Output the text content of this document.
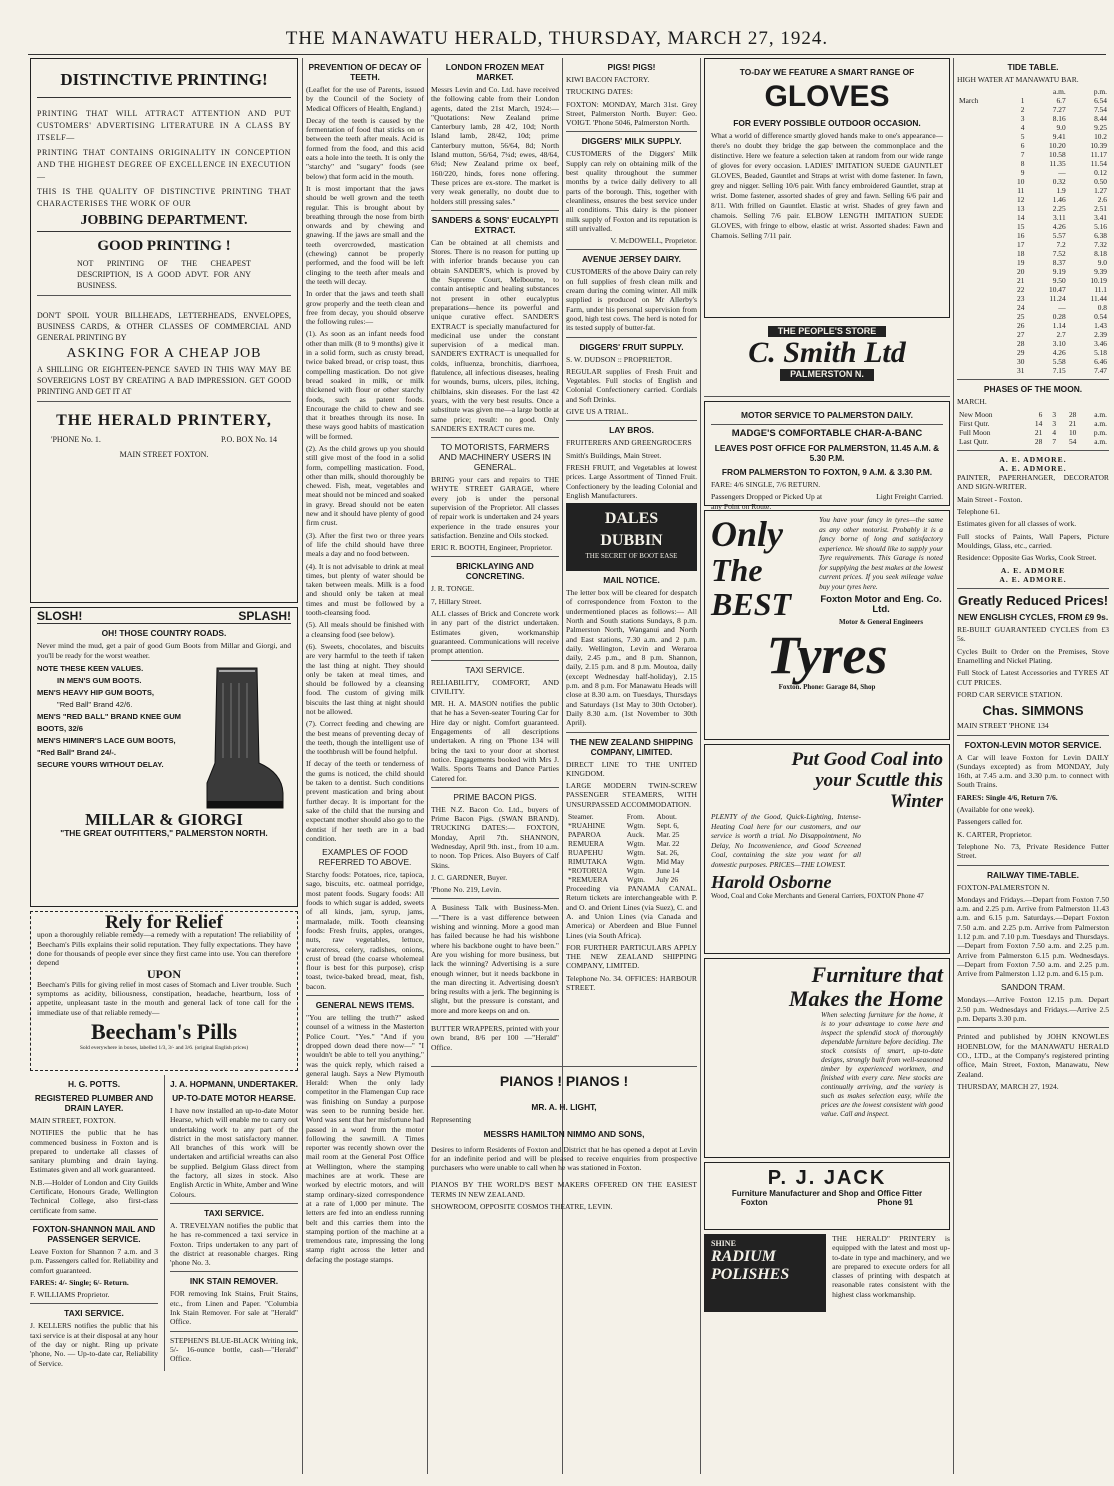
THE MANAWATU HERALD, THURSDAY, MARCH 27, 1924.
DISTINCTIVE PRINTING!

PRINTING THAT WILL ATTRACT ATTENTION AND PUT CUSTOMERS' ADVERTISING LITERATURE IN A CLASS BY ITSELF—

PRINTING THAT CONTAINS ORIGINALITY IN CONCEPTION AND THE HIGHEST DEGREE OF EXCELLENCE IN EXECUTION—

THIS IS THE QUALITY OF DISTINCTIVE PRINTING THAT CHARACTERISES THE WORK OF OUR

JOBBING DEPARTMENT.
GOOD PRINTING !

NOT PRINTING OF THE CHEAPEST DESCRIPTION, IS A GOOD ADVT. FOR ANY BUSINESS.

DON'T SPOIL YOUR BILLHEADS, LETTERHEADS, ENVELOPES, BUSINESS CARDS, & OTHER CLASSES OF COMMERCIAL AND GENERAL PRINTING BY

ASKING FOR A CHEAP JOB

A SHILLING OR EIGHTEEN-PENCE SAVED IN THIS WAY MAY BE SOVEREIGNS LOST BY CREATING A BAD IMPRESSION. GET GOOD PRINTING AND GET IT AT

THE HERALD PRINTERY,
'PHONE No. 1.	P.O. BOX No. 14
MAIN STREET FOXTON.
SLOSH!	SPLASH!
OH! THOSE COUNTRY ROADS.

Never mind the mud, get a pair of good Gum Boots from Millar and Giorgi, and you'll be ready for the worst weather.

NOTE THESE KEEN VALUES.
IN MEN'S GUM BOOTS.
MEN'S HEAVY HIP GUM BOOTS,
"Red Ball" Brand 42/6.
MEN'S "RED BALL" BRAND KNEE GUM BOOTS, 32/6
MEN'S HIMINER'S LACE GUM BOOTS, "Red Ball" Brand 24/-.
SECURE YOURS WITHOUT DELAY.
MILLAR & GIORGI
"THE GREAT OUTFITTERS," PALMERSTON NORTH.
Rely for Relief

upon a thoroughly reliable remedy—a remedy with a reputation! The reliability of Beecham's Pills explains their solid reputation. They fully expectations. They have done for thousands of people ever since they first came into use. You can therefore depend

UPON

Beecham's Pills for giving relief in most cases of Stomach and Liver trouble. Such symptoms as acidity, biliousness, constipation, headache, heartburn, loss of appetite, unpleasant taste in the mouth and general lack of tone call for the immediate use of that reliable remedy—

Beecham's Pills
Sold everywhere in boxes, labelled 1/3, 3/- and 3/6. (original English prices)
H. G. POTTS.
REGISTERED PLUMBER AND DRAIN LAYER.

MAIN STREET, FOXTON.

NOTIFIES the public that he has commenced business in Foxton and is prepared to undertake all classes of sanitary plumbing and drain laying. Estimates given and all work guaranteed.

N.B.—Holder of London and City Guilds Certificate, Honours Grade, Wellington Technical College, also first-class certificate from same.

FOXTON-SHANNON MAIL AND PASSENGER SERVICE.

Leave Foxton for Shannon 7 a.m. and 3 p.m. Passengers called for. Reliability and comfort guaranteed.

FARES: 4/- Single; 6/- Return.

F. WILLIAMS Proprietor.

TAXI SERVICE.

J. KELLERS notifies the public that his taxi service is at their disposal at any hour of the day or night. Ring up private 'phone, No. — Up-to-date car, Reliability of Service.

J. A. HOPMANN, UNDERTAKER.
UP-TO-DATE MOTOR HEARSE.

I have now installed an up-to-date Motor Hearse, which will enable me to carry out undertaking work to any part of the district in the most satisfactory manner. All branches of this work will be undertaken and artificial wreaths can also be supplied. Belgium Glass direct from the factory, all sizes in stock. Also English Arctic in White, Amber and Wine Colours.

TAXI SERVICE.

A. TREVELYAN notifies the public that he has re-commenced a taxi service in Foxton. Trips undertaken to any part of the district at reasonable charges. Ring 'phone No. 3.

INK STAIN REMOVER.

FOR removing Ink Stains, Fruit Stains, etc., from Linen and Paper. "Columbia Ink Stain Remover. For sale at "Herald" Office.

STEPHEN'S BLUE-BLACK Writing ink, 5/- 16-ounce bottle, cash—"Herald" Office.

PREVENTION OF DECAY OF TEETH.

(Leaflet for the use of Parents, issued by the Council of the Society of Medical Officers of Health, England.)

Decay of the teeth is caused by the fermentation of food that sticks on or between the teeth after meals. Acid is formed from the food, and this acid eats a hole into the teeth. It is only the "starchy" and "sugary" foods (see below) that form acid in the mouth.

It is most important that the jaws should be well grown and the teeth regular. This is brought about by breathing through the nose from birth onwards and by chewing and gnawing. If the jaws are small and the teeth overcrowded, mastication (chewing) cannot be properly performed, and the food will be left clinging to the teeth after meals and the teeth will decay.

In order that the jaws and teeth shall grow properly and the teeth clean and free from decay, you should observe the following rules:—

(1). As soon as an infant needs food other than milk (8 to 9 months) give it in a solid form, such as crusty bread, twice baked bread, or crisp toast, thus compelling mastication. Do not give bread soaked in milk, or milk thickened with flour or other starchy foods, such as patent foods. Encourage the child to chew and see that it breathes through its nose. In these ways good habits of mastication will be formed.

(2). As the child grows up you should still give most of the food in a solid form, compelling mastication. Food, other than milk, should thoroughly be chewed. Fish, meat, vegetables and meat should not be minced and soaked in gravy. Bread should not be eaten new and it should have plenty of good firm crust.

(3). After the first two or three years of life the child should have three meals a day and no food between.

(4). It is not advisable to drink at meal times, but plenty of water should be taken between meals. Milk is a food and should only be taken at meal times and must be followed by a tooth-cleansing food.

(5). All meals should be finished with a cleansing food (see below).

(6). Sweets, chocolates, and biscuits are very harmful to the teeth if taken the last thing at night. They should only be taken at meal times, and should be followed by a cleansing food. The custom of giving milk biscuits the last thing at night should not be allowed.

(7). Correct feeding and chewing are the best means of preventing decay of the teeth, though the intelligent use of the toothbrush will be found helpful.

If decay of the teeth or tenderness of the gums is noticed, the child should be taken to a dentist. Such conditions prevent mastication and bring about further decay. It is important for the sake of the child that the nursing and expectant mother should also go to the dentist if her teeth are in a bad condition.

EXAMPLES OF FOOD REFERRED TO ABOVE.

Starchy foods: Potatoes, rice, tapioca, sago, biscuits, etc. oatmeal porridge, most patent foods. Sugary foods: All foods to which sugar is added, sweets of all kinds, jam, syrup, jams, marmalade, milk. Tooth cleansing foods: Fresh fruits, apples, oranges, nuts, raw vegetables, lettuce, watercress, celery, radishes, onions, crust of bread (the coarse wholemeal flour is best for this purpose), crisp toast, twice-baked bread, meat, fish, bacon.

GENERAL NEWS ITEMS.

"You are telling the truth?" asked counsel of a witness in the Masterton Police Court. "Yes." "And if you dropped down dead there now—" "I wouldn't be able to tell you anything," was the quick reply, which raised a general laugh. Says a New Plymouth Herald: When the only lady competitor in the Flamengan Cup race was finishing on Sunday a purpose was seen to be running beside her. Word was sent that her misfortune had passed in a word from the motor following the sawmill. A Times reporter was recently shown over the mail room at the General Post Office at Wellington, where the stamping machines are at work. These are worked by electric motors, and will stamp ordinary-sized correspondence at a rate of 1,000 per minute. The letters are fed into an endless running belt and this carries them into the stamping portion of the machine at a tremendous rate, impressing the long stamp right across the letter and defacing the postage stamps.

LONDON FROZEN MEAT MARKET.

Messrs Levin and Co. Ltd. have received the following cable from their London agents, dated the 21st March, 1924:— "Quotations: New Zealand prime Canterbury lamb, 28 4/2, 10d; North Island lamb, 28/42, 10d; prime Canterbury mutton, 56/64, 8d; North Island mutton, 56/64, 7¼d; ewes, 48/64, 6¾d; New Zealand prime ox beef, 160/220, hinds, fores none offering. These prices are ex-store. The market is very weak generally, no doubt due to holders still pressing sales."

SANDERS & SONS' EUCALYPTI EXTRACT.

Can be obtained at all chemists and Stores. There is no reason for putting up with inferior brands because you can obtain SANDER'S, which is proved by the Supreme Court, Melbourne, to contain antiseptic and healing substances not present in other eucalyptus preparations—hence its powerful and unique curative effect. SANDER'S EXTRACT is specially manufactured for medicinal use under the constant supervision of a medical man. SANDER'S EXTRACT is unequalled for colds, influenza, bronchitis, diarrhoea, flatulence, all infectious diseases, healing for wounds, burns, ulcers, piles, itching, chilblains, skin diseases. For the last 42 years, with the very best results. Once a substitute was given me—a large bottle at same price; result: no good. Only SANDER'S EXTRACT cures me.

TO MOTORISTS, FARMERS AND MACHINERY USERS IN GENERAL.

BRING your cars and repairs to THE WHYTE STREET GARAGE, where every job is under the personal supervision of the Proprietor. All classes of repair work is undertaken and 24 years experience in the trade ensures your satisfaction. Benzine and Oils stocked.

ERIC R. BOOTH, Engineer, Proprietor.

BRICKLAYING AND CONCRETING.

J. R. TONGE.

7, Hillary Street.

ALL classes of Brick and Concrete work in any part of the district undertaken. Estimates given, workmanship guaranteed. Communications will receive prompt attention.

TAXI SERVICE.

RELIABILITY, COMFORT, AND CIVILITY.

MR. H. A. MASON notifies the public that he has a Seven-seater Touring Car for Hire day or night. Comfort guaranteed. Engagements of all descriptions undertaken. A ring on 'Phone 134 will bring the taxi to your door at shortest notice. Engagements booked with Mrs J. Walls. Sports Teams and Dance Parties Catered for.

PRIME BACON PIGS.

THE N.Z. Bacon Co. Ltd., buyers of Prime Bacon Pigs. (SWAN BRAND). TRUCKING DATES:— FOXTON, Monday, April 7th. SHANNON, Wednesday, April 9th. inst., from 10 a.m. to noon. Top Prices. Also Buyers of Calf Skins.

J. C. GARDNER, Buyer.

'Phone No. 219, Levin.

A Business Talk with Business-Men.—"There is a vast difference between wishing and winning. More a good man has failed because he had his wishbone where his backbone ought to have been." Are you wishing for more business, but lack the winning? Advertising is a sure enough winner, but it needs backbone in the man directing it. Advertising doesn't bring results with a jerk. The beginning is slight, but the pressure is constant, and more and more keeps on and on.

BUTTER WRAPPERS, printed with your own brand, 8/6 per 100 —"Herald" Office.

PIGS! PIGS!

KIWI BACON FACTORY.

TRUCKING DATES:

FOXTON: MONDAY, March 31st. Grey Street, Palmerston North. Buyer: Geo. VOIGT. 'Phone 5046, Palmerston North.

DIGGERS' MILK SUPPLY.

CUSTOMERS of the Diggers' Milk Supply can rely on obtaining milk of the best quality throughout the summer months by a twice daily delivery to all parts of the borough. This, together with cleanliness, ensures the best service under all conditions. This dairy is the pioneer milk supply of Foxton and its reputation is still unrivalled.

V. McDOWELL, Proprietor.

AVENUE JERSEY DAIRY.

CUSTOMERS of the above Dairy can rely on full supplies of fresh clean milk and cream during the coming winter. All milk supplied is produced on Mr Allerby's Farm, under his personal supervision from good, high test cows. The herd is noted for its tested supply of butter-fat.

DIGGERS' FRUIT SUPPLY.

S. W. DUDSON :: PROPRIETOR.

REGULAR supplies of Fresh Fruit and Vegetables. Full stocks of English and Colonial Confectionery carried. Cordials and Soft Drinks.

GIVE US A TRIAL.

LAY BROS.

FRUITERERS AND GREENGROCERS

Smith's Buildings, Main Street.

FRESH FRUIT, and Vegetables at lowest prices. Large Assortment of Tinned Fruit. Confectionery by the leading Colonial and English Manufacturers.

DALES DUBBIN
THE SECRET OF BOOT EASE
MAIL NOTICE.

The letter box will be cleared for despatch of correspondence from Foxton to the undermentioned places as follows:— All North and South stations Sundays, 8 p.m. Palmerston North, Wanganui and North and East stations, 7.30 a.m. and 2 p.m. daily. Wellington, Levin and Weraroa daily, 2.45 p.m., and 8 p.m. Shannon, daily, 2.15 p.m. and 8 p.m. Moutoa, daily (except Wednesday half-holiday), 2.15 p.m. and 8 p.m. For Manawatu Heads will close at 8.30 a.m. on Tuesdays, Thursdays and Saturdays (1st May to 30th October). Daily 8.30 a.m. (1st November to 30th April).

THE NEW ZEALAND SHIPPING COMPANY, LIMITED.

DIRECT LINE TO THE UNITED KINGDOM.

LARGE MODERN TWIN-SCREW PASSENGER STEAMERS, WITH UNSURPASSED ACCOMMODATION.

Steamer.	From.	About.
*RUAHINE	Wgtn.	Sept. 6,
PAPAROA	Auck.	Mar. 25
REMUERA	Wgtn.	Mar. 22
RUAPEHU	Wgtn.	Sat. 26,
RIMUTAKA	Wgtn.	Mid May
*ROTORUA	Wgtn.	June 14
*REMUERA	Wgtn.	July 26

Proceeding via PANAMA CANAL. Return tickets are interchangeable with P. and O. and Orient Lines (via Suez), C. and A. and Union Lines (via Canada and America) or Aberdeen and Blue Funnel Lines (via South Africa).

FOR FURTHER PARTICULARS APPLY THE NEW ZEALAND SHIPPING COMPANY, LIMITED.

Telephone No. 34. OFFICES: HARBOUR STREET.

PIANOS ! PIANOS !
MR. A. H. LIGHT,

Representing

MESSRS HAMILTON NIMMO AND SONS,

Desires to inform Residents of Foxton and District that he has opened a depot at Levin for an indefinite period and will be pleased to receive enquiries from prospective purchasers who were unable to call when he was stationed in Foxton.

PIANOS BY THE WORLD'S BEST MAKERS OFFERED ON THE EASIEST TERMS IN NEW ZEALAND.

SHOWROOM, OPPOSITE COSMOS THEATRE, LEVIN.

TO-DAY WE FEATURE A SMART RANGE OF
GLOVES
FOR EVERY POSSIBLE OUTDOOR OCCASION.

What a world of difference smartly gloved hands make to one's appearance—there's no doubt they bridge the gap between the commonplace and the distinctive. Here we feature a selection taken at random from our wide range of gloves for every occasion. LADIES' IMITATION SUEDE GAUNTLET GLOVES, Beaded, Gauntlet and Straps at wrist with dome fastener. In fawn, grey and nigger. Selling 10/6 pair. With fancy embroidered Gauntlet, strap at wrist. Dome fastener, assorted shades of grey and fawn. Selling 6/6 pair and 8/11. With frilled on Gauntlet. Elastic at wrist. Shades of grey fawn and chamois. Selling 7/6 pair. ELBOW LENGTH IMITATION SUEDE GLOVES, with fringe to elbow, elastic at wrist. Assorted shades: Fawn and Chamois. Selling 7/11 pair.

THE PEOPLE'S STORE
C. Smith Ltd
PALMERSTON N.
MOTOR SERVICE TO PALMERSTON DAILY.
MADGE'S COMFORTABLE CHAR-A-BANC
LEAVES POST OFFICE FOR PALMERSTON, 11.45 A.M. & 5.30 P.M.
FROM PALMERSTON TO FOXTON, 9 A.M. & 3.30 P.M.

FARE: 4/6 SINGLE, 7/6 RETURN.

Passengers Dropped or Picked Up at any Point on Route.
Light Freight Carried.
Only
The
BEST

You have your fancy in tyres—the same as any other motorist. Probably it is a fancy borne of long and satisfactory experience. We should like to supply your Tyre requirements. This Garage is noted for supplying the best makes at the lowest current prices. If you seek mileage value buy your tyres here.

Foxton Motor and Eng. Co. Ltd.
Motor & General Engineers
Tyres
Foxton. Phone: Garage 84, Shop
Put Good Coal into your Scuttle this Winter

PLENTY of the Good, Quick-Lighting, Intense-Heating Coal here for our customers, and our service is worth a trial. No Disappointment, No Delay, No Inconvenience, and Good Screened Coal, containing the size you want for all domestic purposes. PRICES—THE LOWEST.

Harold Osborne
Wood, Coal and Coke Merchants and General Carriers, FOXTON Phone 47
Furniture that Makes the Home

When selecting furniture for the home, it is to your advantage to come here and inspect the splendid stock of thoroughly dependable furniture before deciding. The stock consists of smart, up-to-date designs, strongly built from well-seasoned timber by experienced workmen, and finished with every care. New stocks are continually arriving, and the variety is such as makes selection easy, while the prices are the lowest consistent with good value. Call and inspect.

P. J. JACK
Furniture Manufacturer and Shop and Office Fitter
Foxton	Phone 91
SHINE
RADIUM POLISHES

THE HERALD" PRINTERY is equipped with the latest and most up-to-date in type and machinery, and we are prepared to execute orders for all classes of printing with despatch at reasonable rates consistent with the highest class workmanship.

TIDE TABLE.

HIGH WATER AT MANAWATU BAR.

		a.m.	p.m.
March	1	6.7	6.54
	2	7.27	7.54
	3	8.16	8.44
	4	9.0	9.25
	5	9.41	10.2
	6	10.20	10.39
	7	10.58	11.17
	8	11.35	11.54
	9	—	0.12
	10	0.32	0.50
	11	1.9	1.27
	12	1.46	2.6
	13	2.25	2.51
	14	3.11	3.41
	15	4.26	5.16
	16	5.57	6.38
	17	7.2	7.32
	18	7.52	8.18
	19	8.37	9.0
	20	9.19	9.39
	21	9.50	10.19
	22	10.47	11.1
	23	11.24	11.44
	24	—	0.8
	25	0.28	0.54
	26	1.14	1.43
	27	2.7	2.39
	28	3.10	3.46
	29	4.26	5.18
	30	5.58	6.46
	31	7.15	7.47
PHASES OF THE MOON.

MARCH.

New Moon	6	3	28	a.m.
First Qutr.	14	3	21	a.m.
Full Moon	21	4	10	p.m.
Last Qutr.	28	7	54	a.m.
A. E. ADMORE.
A. E. ADMORE.

PAINTER, PAPERHANGER, DECORATOR AND SIGN-WRITER.

Main Street - Foxton.

Telephone 61.

Estimates given for all classes of work.

Full stocks of Paints, Wall Papers, Picture Mouldings, Glass, etc., carried.

Residence: Opposite Gas Works, Cook Street.

A. E. ADMORE
A. E. ADMORE.
Greatly Reduced Prices!
NEW ENGLISH CYCLES, FROM £9 9s.

RE-BUILT GUARANTEED CYCLES from £3 5s.

Cycles Built to Order on the Premises, Stove Enamelling and Nickel Plating.

Full Stock of Latest Accessories and TYRES AT CUT PRICES.

FORD CAR SERVICE STATION.

Chas. SIMMONS

MAIN STREET 'PHONE 134

FOXTON-LEVIN MOTOR SERVICE.

A Car will leave Foxton for Levin DAILY (Sundays excepted) as from MONDAY, July 16th, at 7.45 a.m. and 3.30 p.m. to connect with South Trains.

FARES: Single 4/6, Return 7/6.

(Available for one week).

Passengers called for.

K. CARTER, Proprietor.

Telephone No. 73, Private Residence Futter Street.

RAILWAY TIME-TABLE.

FOXTON-PALMERSTON N.

Mondays and Fridays.—Depart from Foxton 7.50 a.m. and 2.25 p.m. Arrive from Palmerston 11.43 a.m. and 6.15 p.m. Saturdays.—Depart Foxton 7.50 a.m. and 2.25 p.m. Arrive from Palmerston 1.12 p.m. and 7.10 p.m. Tuesdays and Thursdays.—Depart from Foxton 7.50 a.m. and 2.25 p.m. Arrive from Palmerston 6.15 p.m. Wednesdays.—Depart from Foxton 7.50 a.m. and 2.25 p.m. Arrive from Palmerston 1.12 p.m. and 6.15 p.m.

SANDON TRAM.

Mondays.—Arrive Foxton 12.15 p.m. Depart 2.50 p.m. Wednesdays and Fridays.—Arrive 2.5 p.m. Departs 3.30 p.m.

Printed and published by JOHN KNOWLES HOENBLOW, for the MANAWATU HERALD CO., LTD., at the Company's registered printing office, Main Street, Foxton, Manawatu, New Zealand.

THURSDAY, MARCH 27, 1924.
